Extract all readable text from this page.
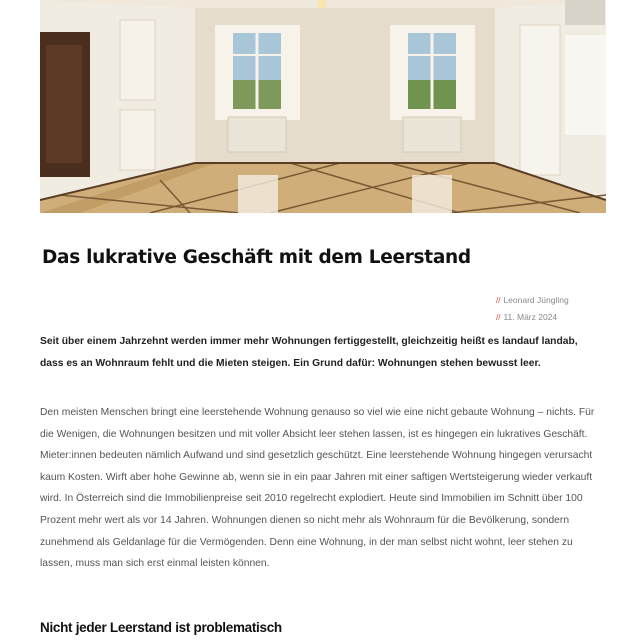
Das lukrative Geschäft mit dem Leerstand
// Leonard Jüngling
// 11. März 2024

Seit über einem Jahrzehnt werden immer mehr Wohnungen fertiggestellt, gleichzeitig heißt es landauf landab, dass es an Wohnraum fehlt und die Mieten steigen. Ein Grund dafür: Wohnungen stehen bewusst leer.

Den meisten Menschen bringt eine leerstehende Wohnung genauso so viel wie eine nicht gebaute Wohnung – nichts. Für die Wenigen, die Wohnungen besitzen und mit voller Absicht leer stehen lassen, ist es hingegen ein lukratives Geschäft. Mieter:innen bedeuten nämlich Aufwand und sind gesetzlich geschützt. Eine leerstehende Wohnung hingegen verursacht kaum Kosten. Wirft aber hohe Gewinne ab, wenn sie in ein paar Jahren mit einer saftigen Wertsteigerung wieder verkauft wird. In Österreich sind die Immobilienpreise seit 2010 regelrecht explodiert. Heute sind Immobilien im Schnitt über 100 Prozent mehr wert als vor 14 Jahren. Wohnungen dienen so nicht mehr als Wohnraum für die Bevölkerung, sondern zunehmend als Geldanlage für die Vermögenden. Denn eine Wohnung, in der man selbst nicht wohnt, leer stehen zu lassen, muss man sich erst einmal leisten können.

Nicht jeder Leerstand ist problematisch
